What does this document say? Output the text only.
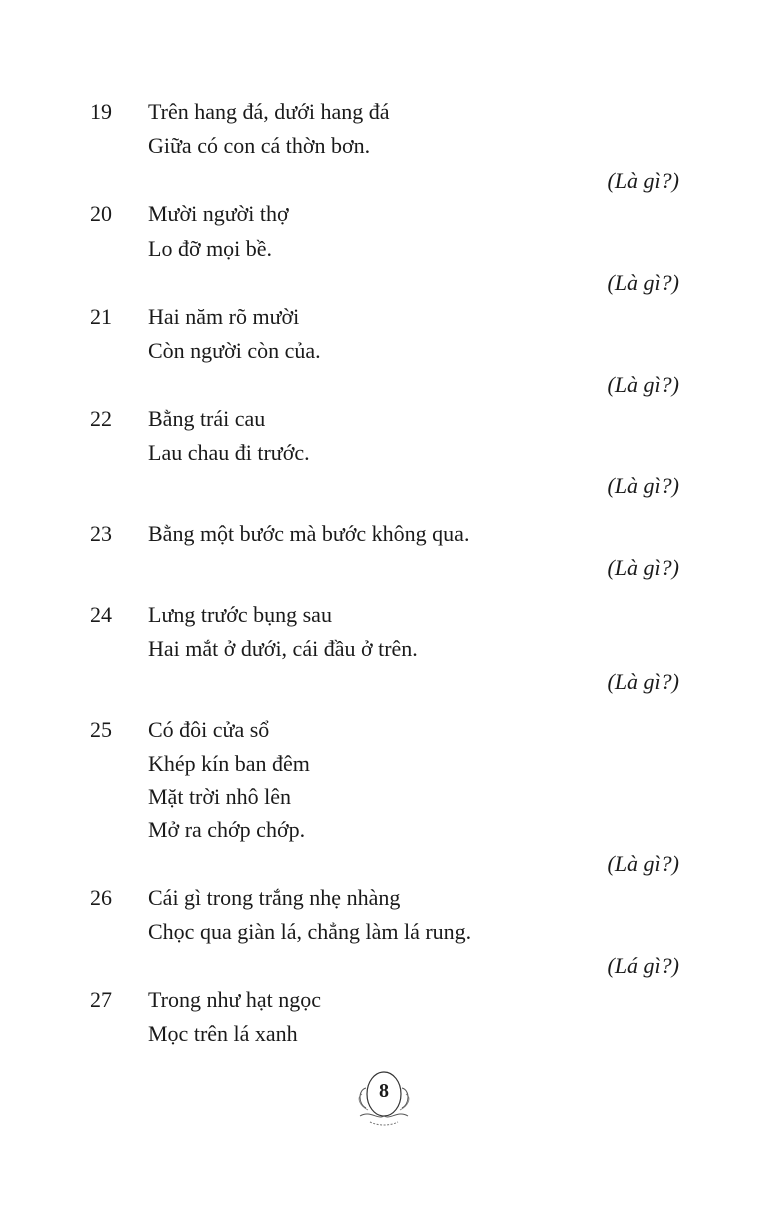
19 Trên hang đá, dưới hang đá
Giữa có con cá thờn bơn.
(Là gì?)
20 Mười người thợ
Lo đỡ mọi bề.
(Là gì?)
21 Hai năm rõ mười
Còn người còn của.
(Là gì?)
22 Bằng trái cau
Lau chau đi trước.
(Là gì?)
23 Bằng một bước mà bước không qua.
(Là gì?)
24 Lưng trước bụng sau
Hai mắt ở dưới, cái đầu ở trên.
(Là gì?)
25 Có đôi cửa sổ
Khép kín ban đêm
Mặt trời nhô lên
Mở ra chớp chớp.
(Là gì?)
26 Cái gì trong trắng nhẹ nhàng
Chọc qua giàn lá, chẳng làm lá rung.
(Lá gì?)
27 Trong như hạt ngọc
Mọc trên lá xanh
8
